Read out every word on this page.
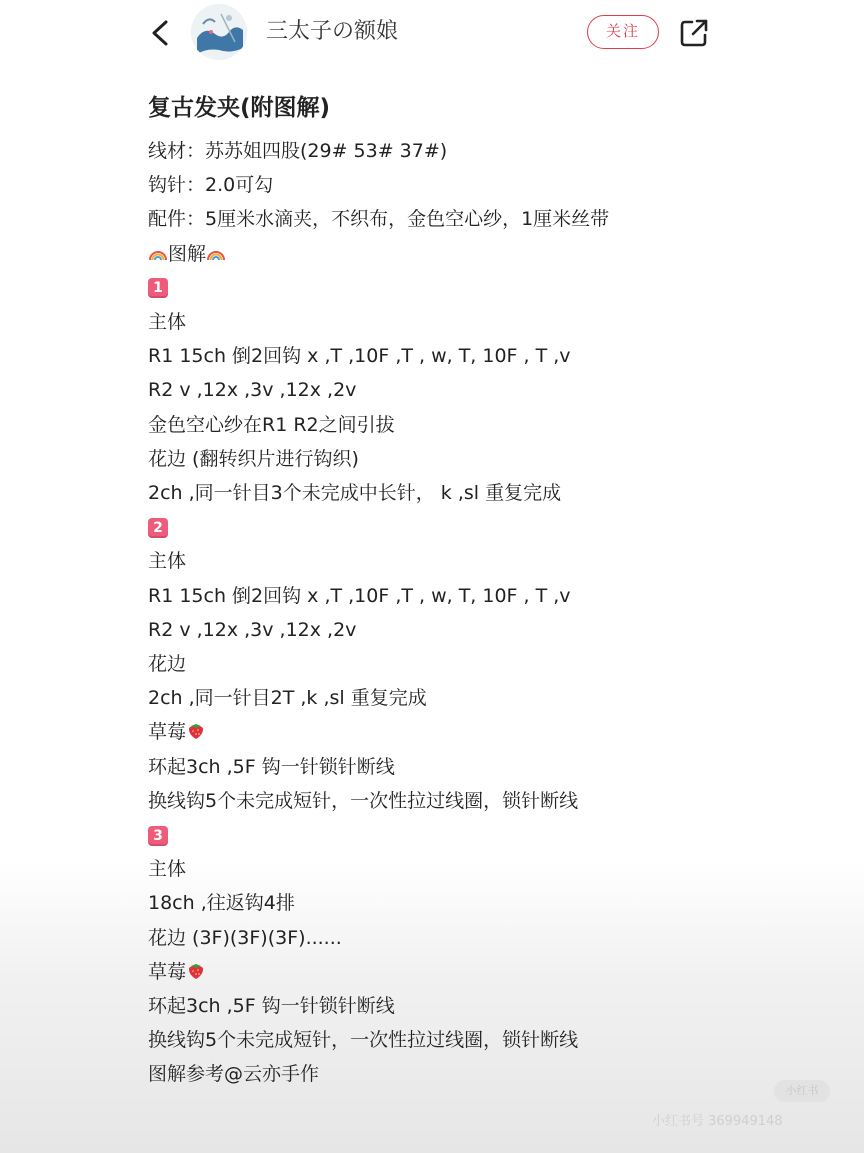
三太子の额娘	关注
复古发夹(附图解)
线材：苏苏姐四股(29# 53# 37#)
钩针：2.0可勾
配件：5厘米水滴夹，不织布，金色空心纱，1厘米丝带
图解
1
主体
R1 15ch 倒2回钩 x ,T ,10F ,T , w, T, 10F , T ,v
R2 v ,12x ,3v ,12x ,2v
金色空心纱在R1 R2之间引拔
花边 (翻转织片进行钩织)
2ch ,同一针目3个未完成中长针， k ,sl 重复完成
2
主体
R1 15ch 倒2回钩 x ,T ,10F ,T , w, T, 10F , T ,v
R2 v ,12x ,3v ,12x ,2v
花边
2ch ,同一针目2T ,k ,sl 重复完成
草莓
环起3ch ,5F 钩一针锁针断线
换线钩5个未完成短针，一次性拉过线圈，锁针断线
3
主体
18ch ,往返钩4排
花边 (3F)(3F)(3F)......
草莓
环起3ch ,5F 钩一针锁针断线
换线钩5个未完成短针，一次性拉过线圈，锁针断线
图解参考@云亦手作
小红书
小红书号 369949148
